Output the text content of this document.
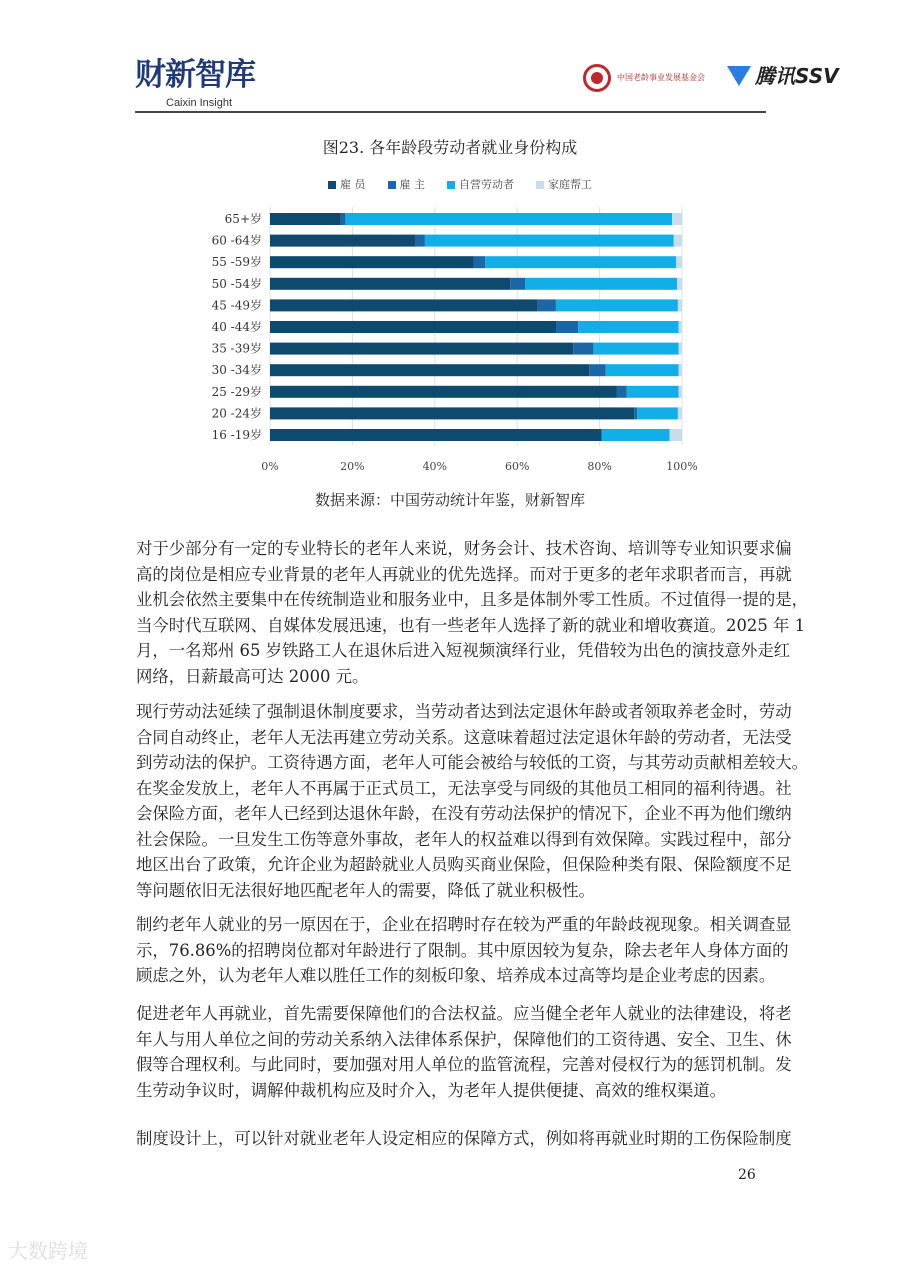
财新智库
Caixin Insight
中国老龄事业发展基金会	腾讯SSV
图23. 各年龄段劳动者就业身份构成
雇 员	雇 主	自营劳动者	家庭帮工
0%	20%	40%	60%	80%	100%
65+岁
60 -64岁
55 -59岁
50 -54岁
45 -49岁
40 -44岁
35 -39岁
30 -34岁
25 -29岁
20 -24岁
16 -19岁
数据来源：中国劳动统计年鉴，财新智库
对于少部分有一定的专业特长的老年人来说，财务会计、技术咨询、培训等专业知识要求偏
高的岗位是相应专业背景的老年人再就业的优先选择。而对于更多的老年求职者而言，再就
业机会依然主要集中在传统制造业和服务业中，且多是体制外零工性质。不过值得一提的是，
当今时代互联网、自媒体发展迅速，也有一些老年人选择了新的就业和增收赛道。2025 年 1
月，一名郑州 65 岁铁路工人在退休后进入短视频演绎行业，凭借较为出色的演技意外走红
网络，日薪最高可达 2000 元。
现行劳动法延续了强制退休制度要求，当劳动者达到法定退休年龄或者领取养老金时，劳动
合同自动终止，老年人无法再建立劳动关系。这意味着超过法定退休年龄的劳动者，无法受
到劳动法的保护。工资待遇方面，老年人可能会被给与较低的工资，与其劳动贡献相差较大。
在奖金发放上，老年人不再属于正式员工，无法享受与同级的其他员工相同的福利待遇。社
会保险方面，老年人已经到达退休年龄，在没有劳动法保护的情况下，企业不再为他们缴纳
社会保险。一旦发生工伤等意外事故，老年人的权益难以得到有效保障。实践过程中，部分
地区出台了政策，允许企业为超龄就业人员购买商业保险，但保险种类有限、保险额度不足
等问题依旧无法很好地匹配老年人的需要，降低了就业积极性。
制约老年人就业的另一原因在于，企业在招聘时存在较为严重的年龄歧视现象。相关调查显
示，76.86%的招聘岗位都对年龄进行了限制。其中原因较为复杂，除去老年人身体方面的
顾虑之外，认为老年人难以胜任工作的刻板印象、培养成本过高等均是企业考虑的因素。
促进老年人再就业，首先需要保障他们的合法权益。应当健全老年人就业的法律建设，将老
年人与用人单位之间的劳动关系纳入法律体系保护，保障他们的工资待遇、安全、卫生、休
假等合理权利。与此同时，要加强对用人单位的监管流程，完善对侵权行为的惩罚机制。发
生劳动争议时，调解仲裁机构应及时介入，为老年人提供便捷、高效的维权渠道。
制度设计上，可以针对就业老年人设定相应的保障方式，例如将再就业时期的工伤保险制度
26
大数跨境
